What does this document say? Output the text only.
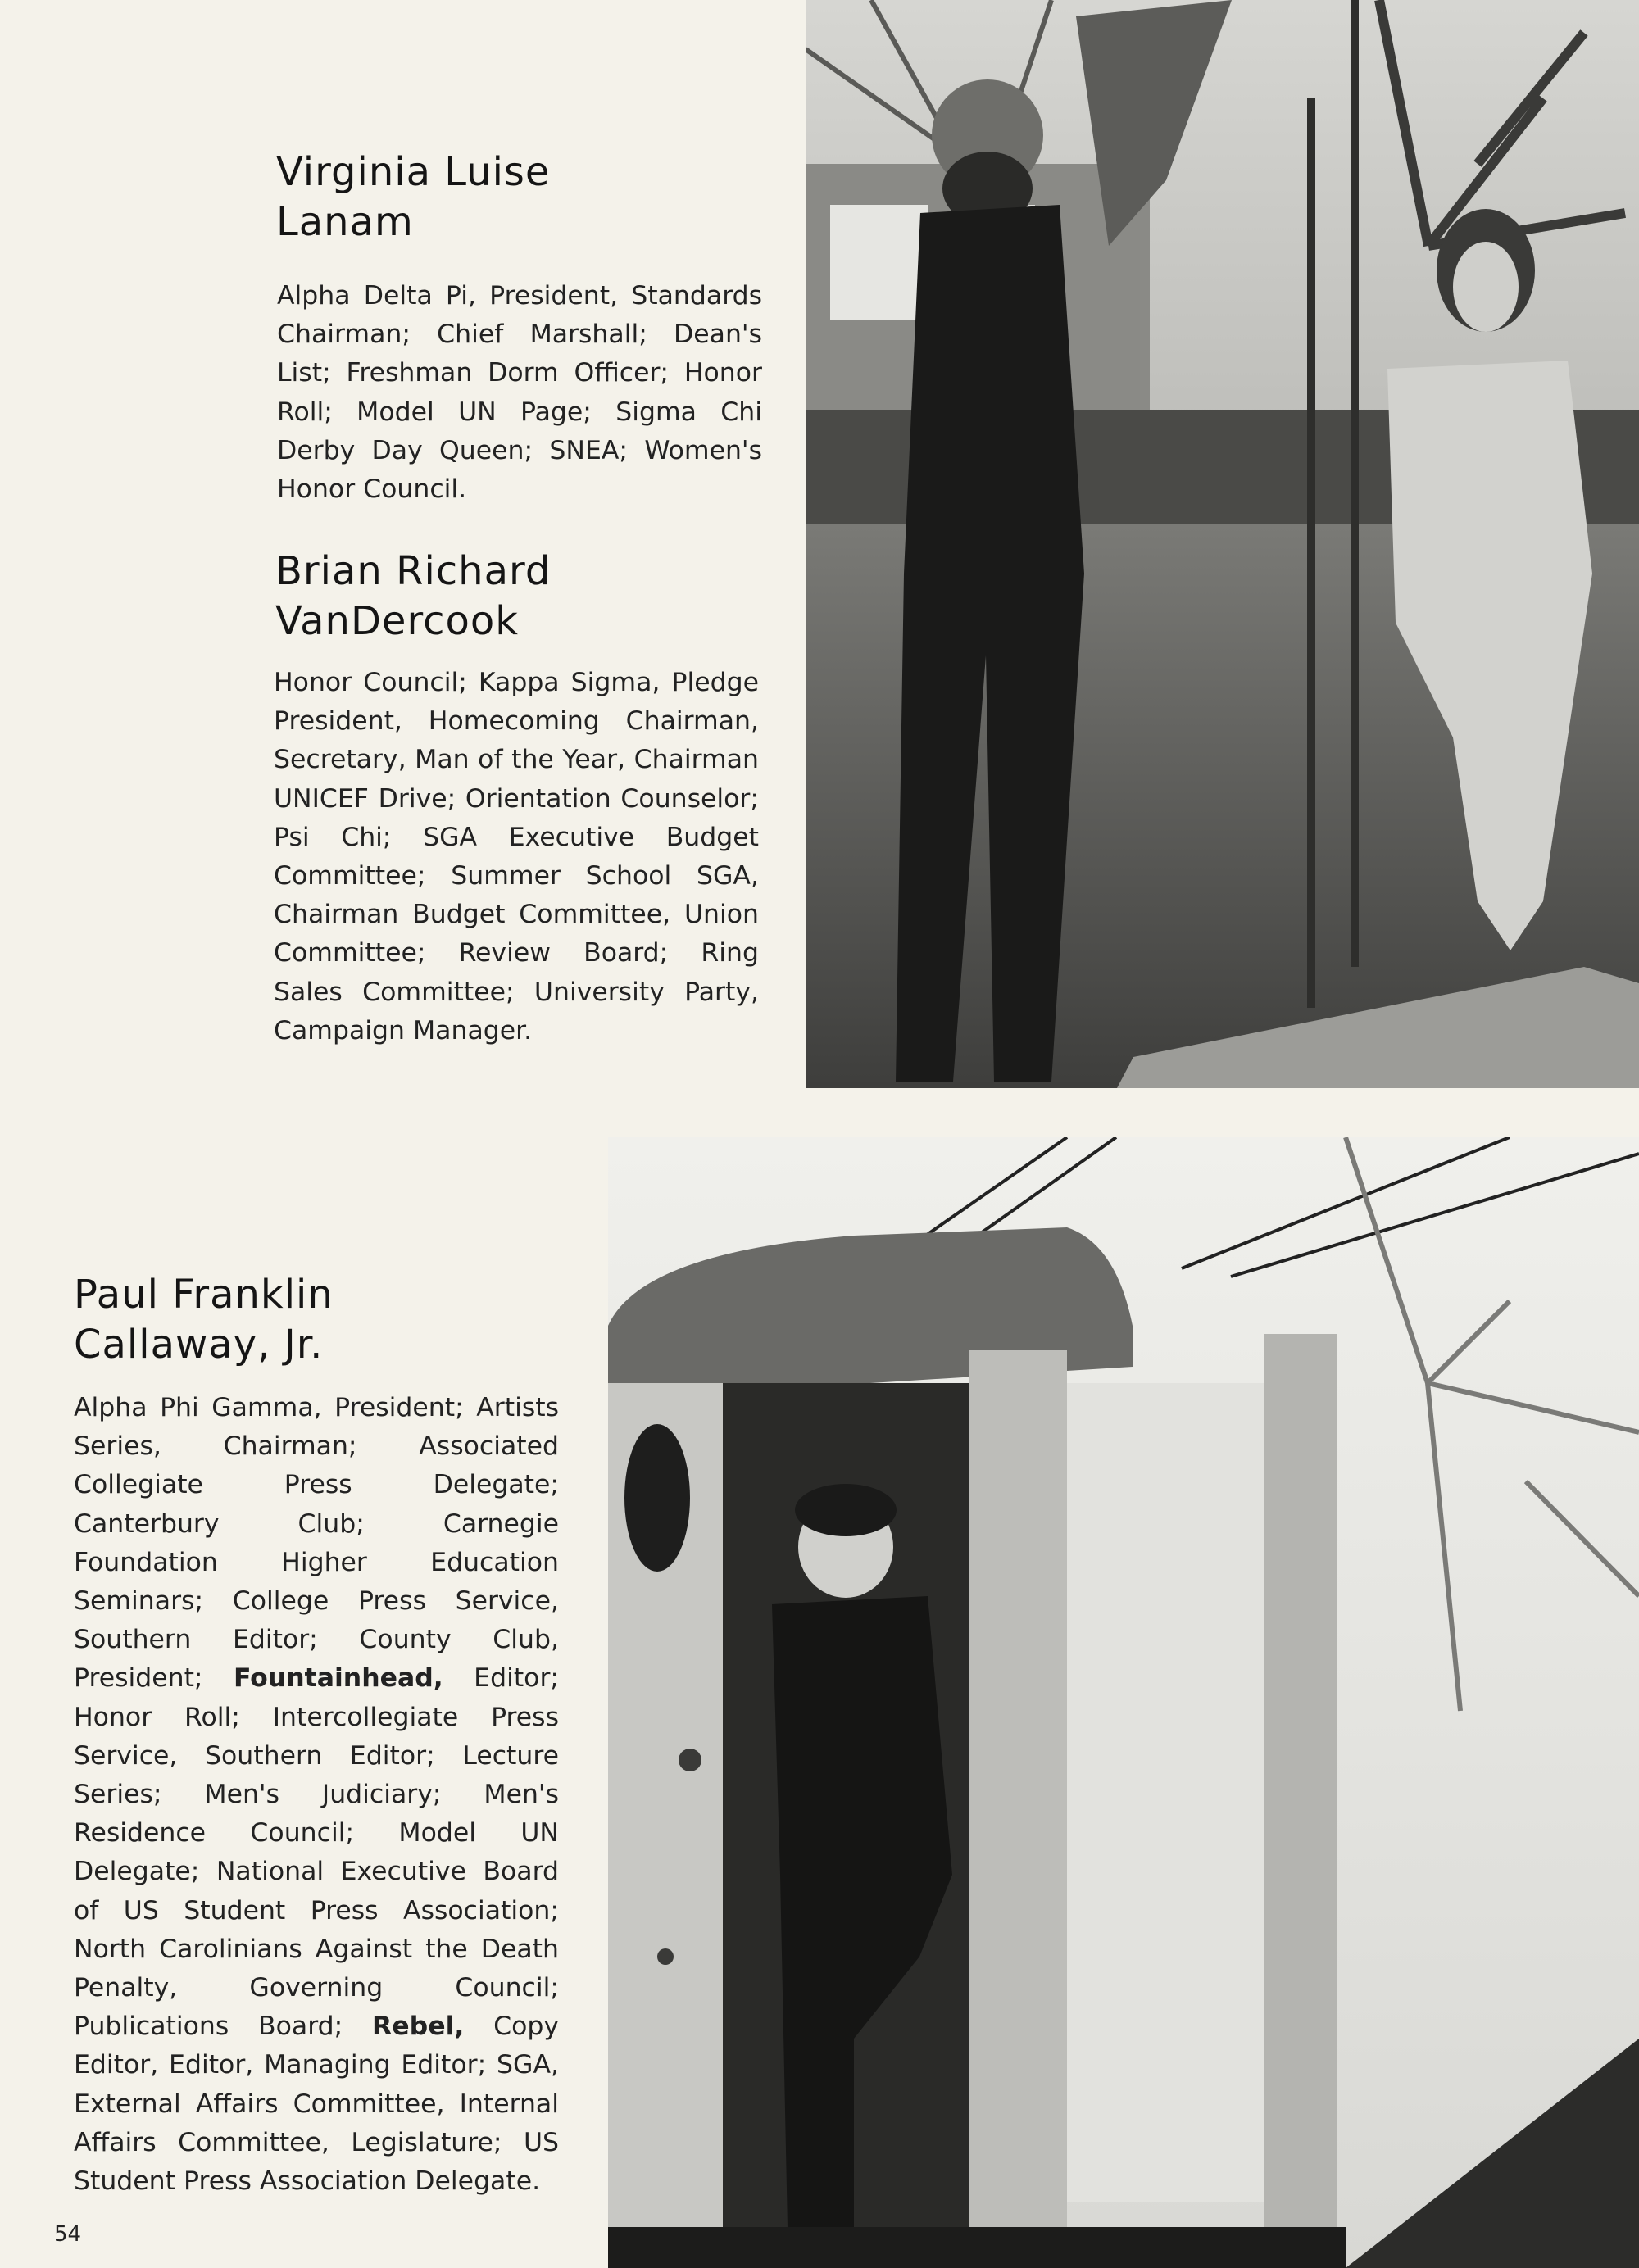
Virginia Luise
Lanam

Alpha Delta Pi, President, Standards Chairman; Chief Marshall; Dean's List; Freshman Dorm Officer; Honor Roll; Model UN Page; Sigma Chi Derby Day Queen; SNEA; Women's Honor Council.

Brian Richard
VanDercook

Honor Council; Kappa Sigma, Pledge President, Homecoming Chairman, Secretary, Man of the Year, Chairman UNICEF Drive; Orientation Counselor; Psi Chi; SGA Executive Budget Committee; Summer School SGA, Chairman Budget Committee, Union Committee; Review Board; Ring Sales Committee; University Party, Campaign Manager.

Paul Franklin
Callaway, Jr.

Alpha Phi Gamma, President; Artists Series, Chairman; Associated Collegiate Press Delegate; Canterbury Club; Carnegie Foundation Higher Education Seminars; College Press Service, Southern Editor; County Club, President; Fountainhead, Editor; Honor Roll; Intercollegiate Press Service, Southern Editor; Lecture Series; Men's Judiciary; Men's Residence Council; Model UN Delegate; National Executive Board of US Student Press Association; North Carolinians Against the Death Penalty, Governing Council; Publications Board; Rebel, Copy Editor, Editor, Managing Editor; SGA, External Affairs Committee, Internal Affairs Committee, Legislature; US Student Press Association Delegate.

54
